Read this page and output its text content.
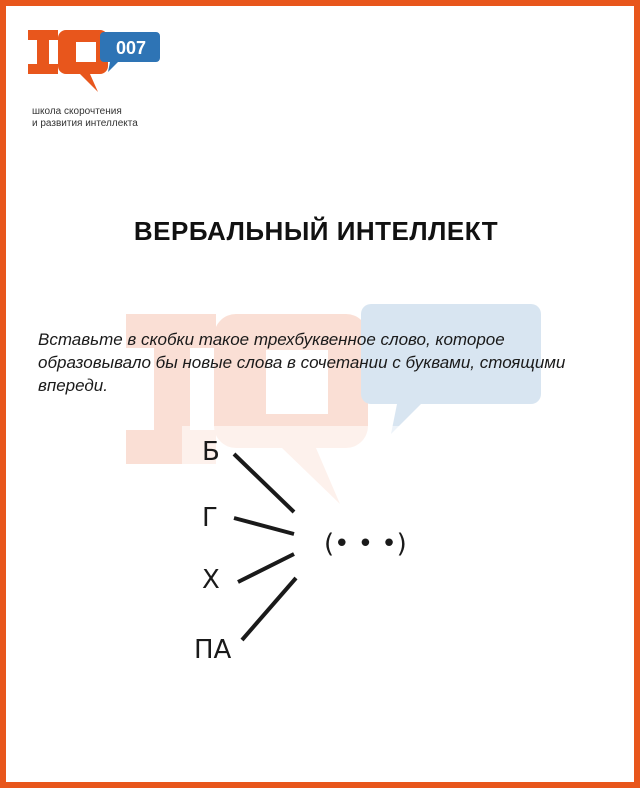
007
школа скорочтения
и развития интеллекта
ВЕРБАЛЬНЫЙ ИНТЕЛЛЕКТ
Вставьте в скобки такое трехбуквенное слово, которое образовывало бы новые слова в сочетании с буквами, стоящими впереди.
Б
Г
Х
ПА
(• • •)
